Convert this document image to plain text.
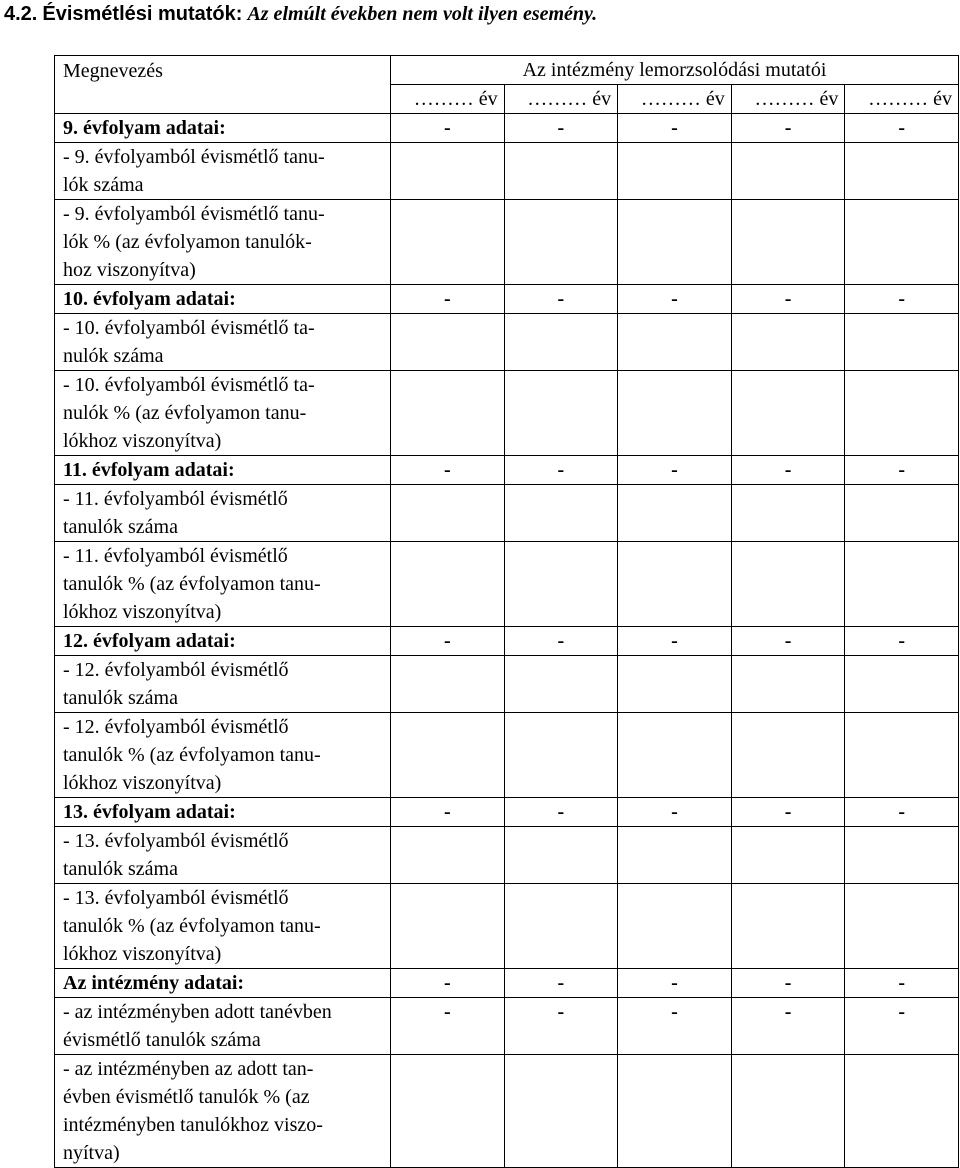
4.2. Évismétlési mutatók: Az elmúlt években nem volt ilyen esemény.
Megnevezés	Az intézmény lemorzsolódási mutatói				
	……… év	……… év	……… év	……… év	……… év

9. évfolyam adatai:	-	-	-	-	-

- 9. évfolyamból évismétlő tanu-
lók száma					

- 9. évfolyamból évismétlő tanu-
lók % (az évfolyamon tanulók-
hoz viszonyítva)					

10. évfolyam adatai:	-	-	-	-	-

- 10. évfolyamból évismétlő ta-
nulók száma					

- 10. évfolyamból évismétlő ta-
nulók % (az évfolyamon tanu-
lókhoz viszonyítva)					

11. évfolyam adatai:	-	-	-	-	-

- 11. évfolyamból évismétlő
tanulók száma					

- 11. évfolyamból évismétlő
tanulók % (az évfolyamon tanu-
lókhoz viszonyítva)					

12. évfolyam adatai:	-	-	-	-	-

- 12. évfolyamból évismétlő
tanulók száma					

- 12. évfolyamból évismétlő
tanulók % (az évfolyamon tanu-
lókhoz viszonyítva)					

13. évfolyam adatai:	-	-	-	-	-

- 13. évfolyamból évismétlő
tanulók száma					

- 13. évfolyamból évismétlő
tanulók % (az évfolyamon tanu-
lókhoz viszonyítva)					

Az intézmény adatai:	-	-	-	-	-

- az intézményben adott tanévben
évismétlő tanulók száma	-	-	-	-	-

- az intézményben az adott tan-
évben évismétlő tanulók % (az
intézményben tanulókhoz viszo-
nyítva)					
